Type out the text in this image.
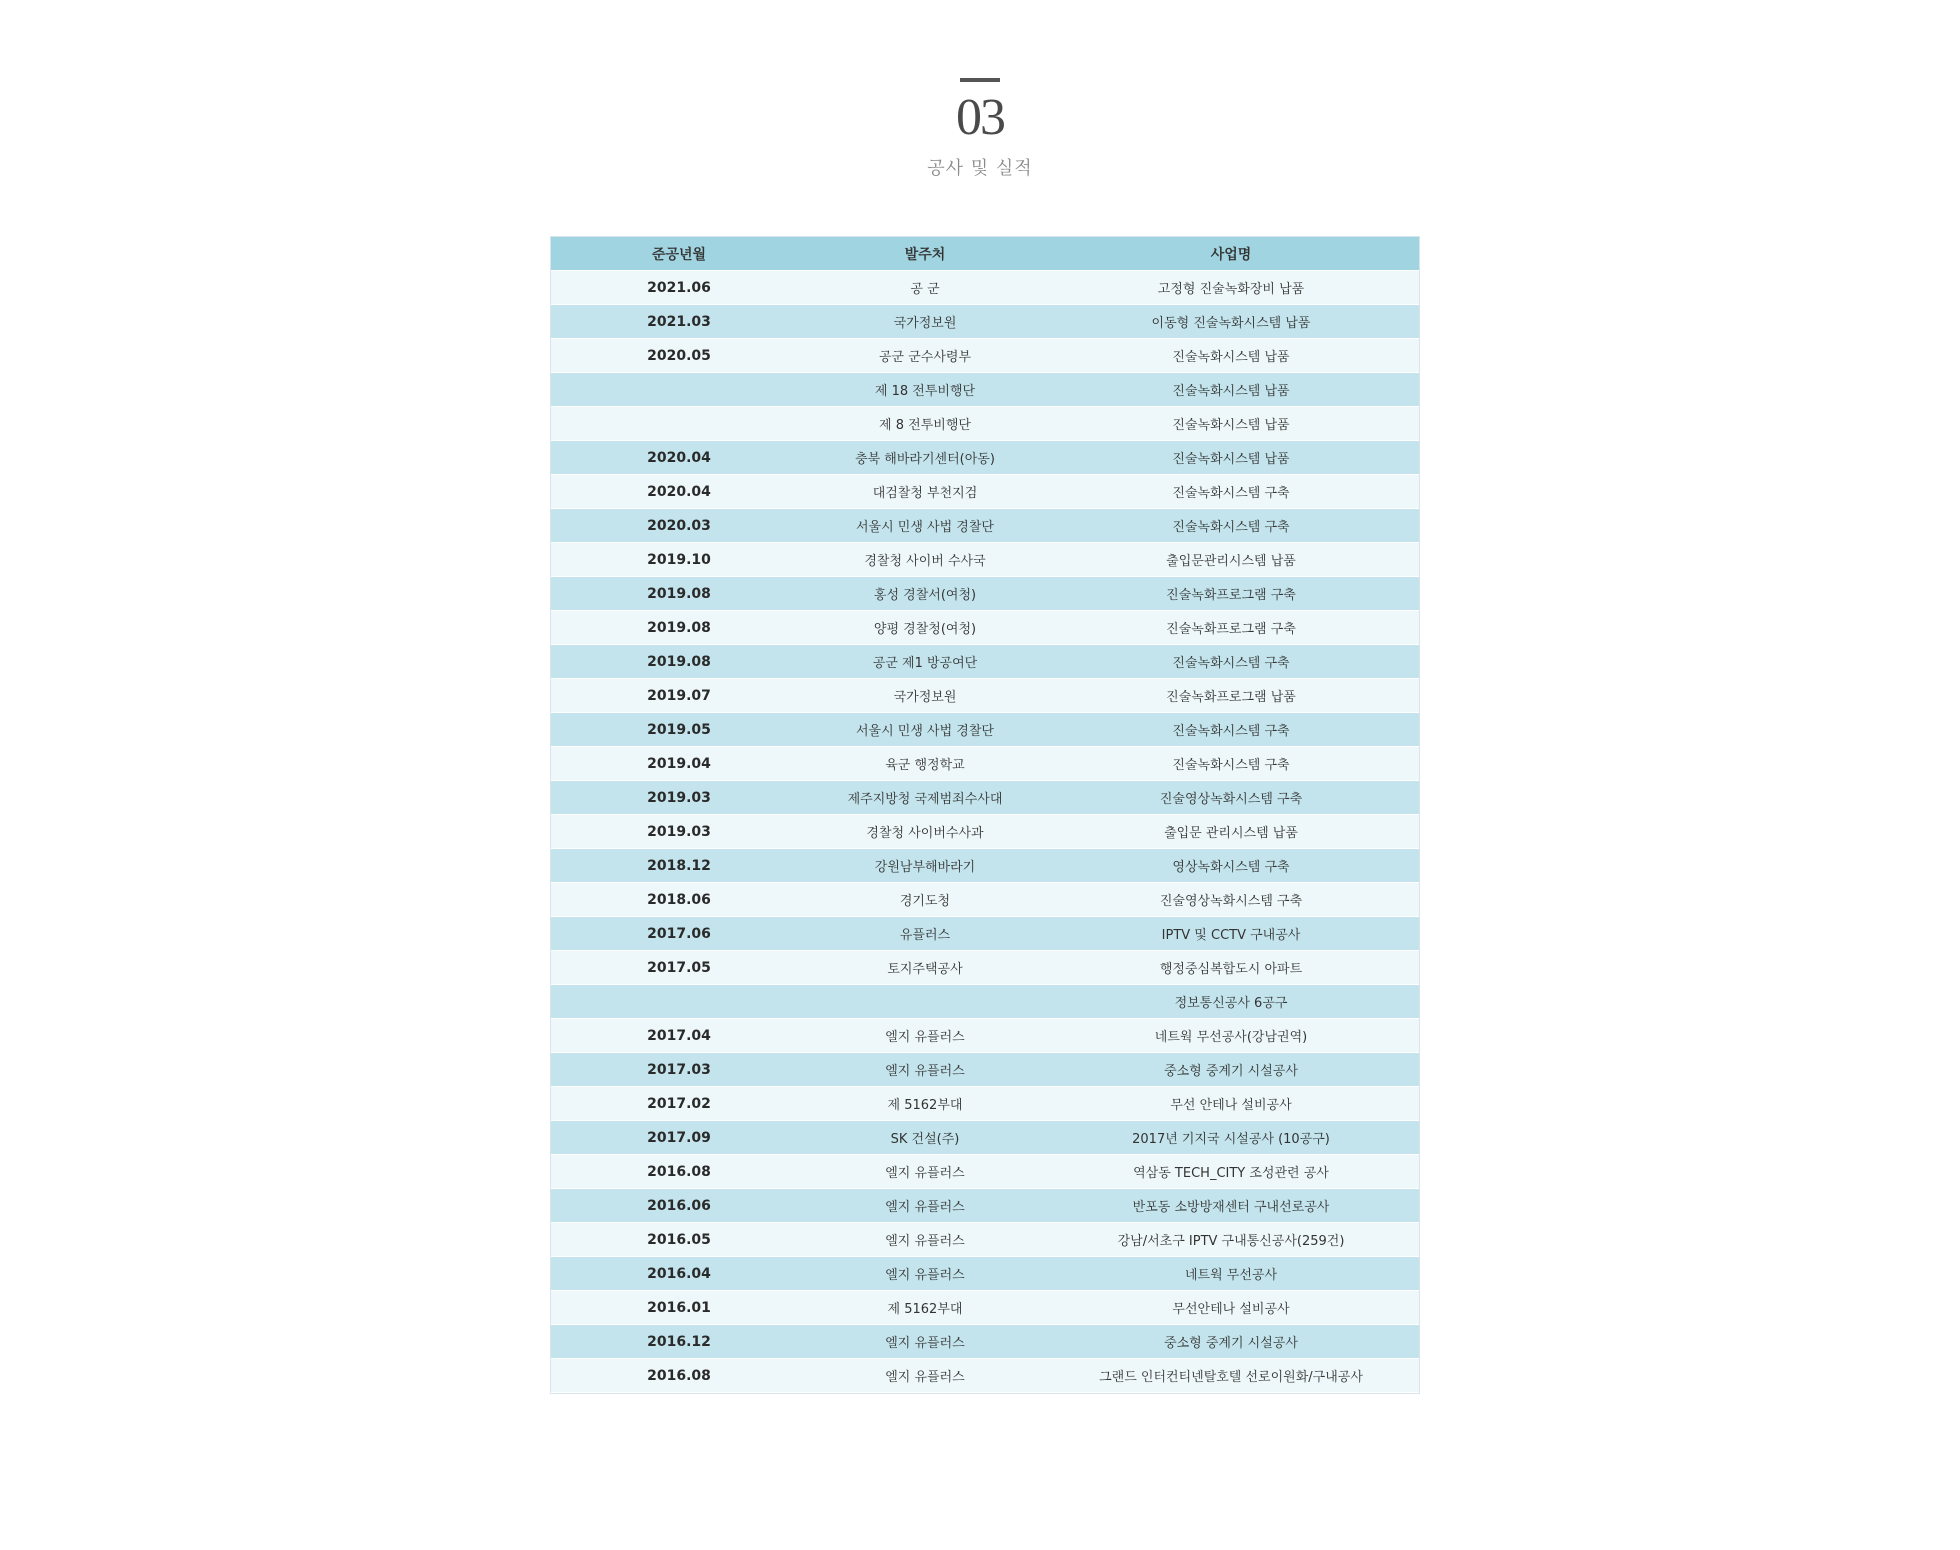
03
공사 및 실적
준공년월	발주처	사업명
2021.06	공 군	고정형 진술녹화장비 납품
2021.03	국가정보원	이동형 진술녹화시스템 납품
2020.05	공군 군수사령부	진술녹화시스템 납품
	제 18 전투비행단	진술녹화시스템 납품
	제 8 전투비행단	진술녹화시스템 납품
2020.04	충북 해바라기센터(아동)	진술녹화시스템 납품
2020.04	대검찰청 부천지검	진술녹화시스템 구축
2020.03	서울시 민생 사법 경찰단	진술녹화시스템 구축
2019.10	경찰청 사이버 수사국	출입문관리시스템 납품
2019.08	홍성 경찰서(여청)	진술녹화프로그램 구축
2019.08	양평 경찰청(여청)	진술녹화프로그램 구축
2019.08	공군 제1 방공여단	진술녹화시스템 구축
2019.07	국가정보원	진술녹화프로그램 납품
2019.05	서울시 민생 사법 경찰단	진술녹화시스템 구축
2019.04	육군 행정학교	진술녹화시스템 구축
2019.03	제주지방청 국제범죄수사대	진술영상녹화시스템 구축
2019.03	경찰청 사이버수사과	출입문 관리시스템 납품
2018.12	강원남부해바라기	영상녹화시스템 구축
2018.06	경기도청	진술영상녹화시스템 구축
2017.06	유플러스	IPTV 및 CCTV 구내공사
2017.05	토지주택공사	행정중심복합도시 아파트
		정보통신공사 6공구
2017.04	엘지 유플러스	네트웍 무선공사(강남권역)
2017.03	엘지 유플러스	중소형 중계기 시설공사
2017.02	제 5162부대	무선 안테나 설비공사
2017.09	SK 건설(주)	2017년 기지국 시설공사 (10공구)
2016.08	엘지 유플러스	역삼동 TECH_CITY 조성관련 공사
2016.06	엘지 유플러스	반포동 소방방재센터 구내선로공사
2016.05	엘지 유플러스	강남/서초구 IPTV 구내통신공사(259건)
2016.04	엘지 유플러스	네트웍 무선공사
2016.01	제 5162부대	무선안테나 설비공사
2016.12	엘지 유플러스	중소형 중계기 시설공사
2016.08	엘지 유플러스	그랜드 인터컨티넨탈호텔 선로이원화/구내공사
